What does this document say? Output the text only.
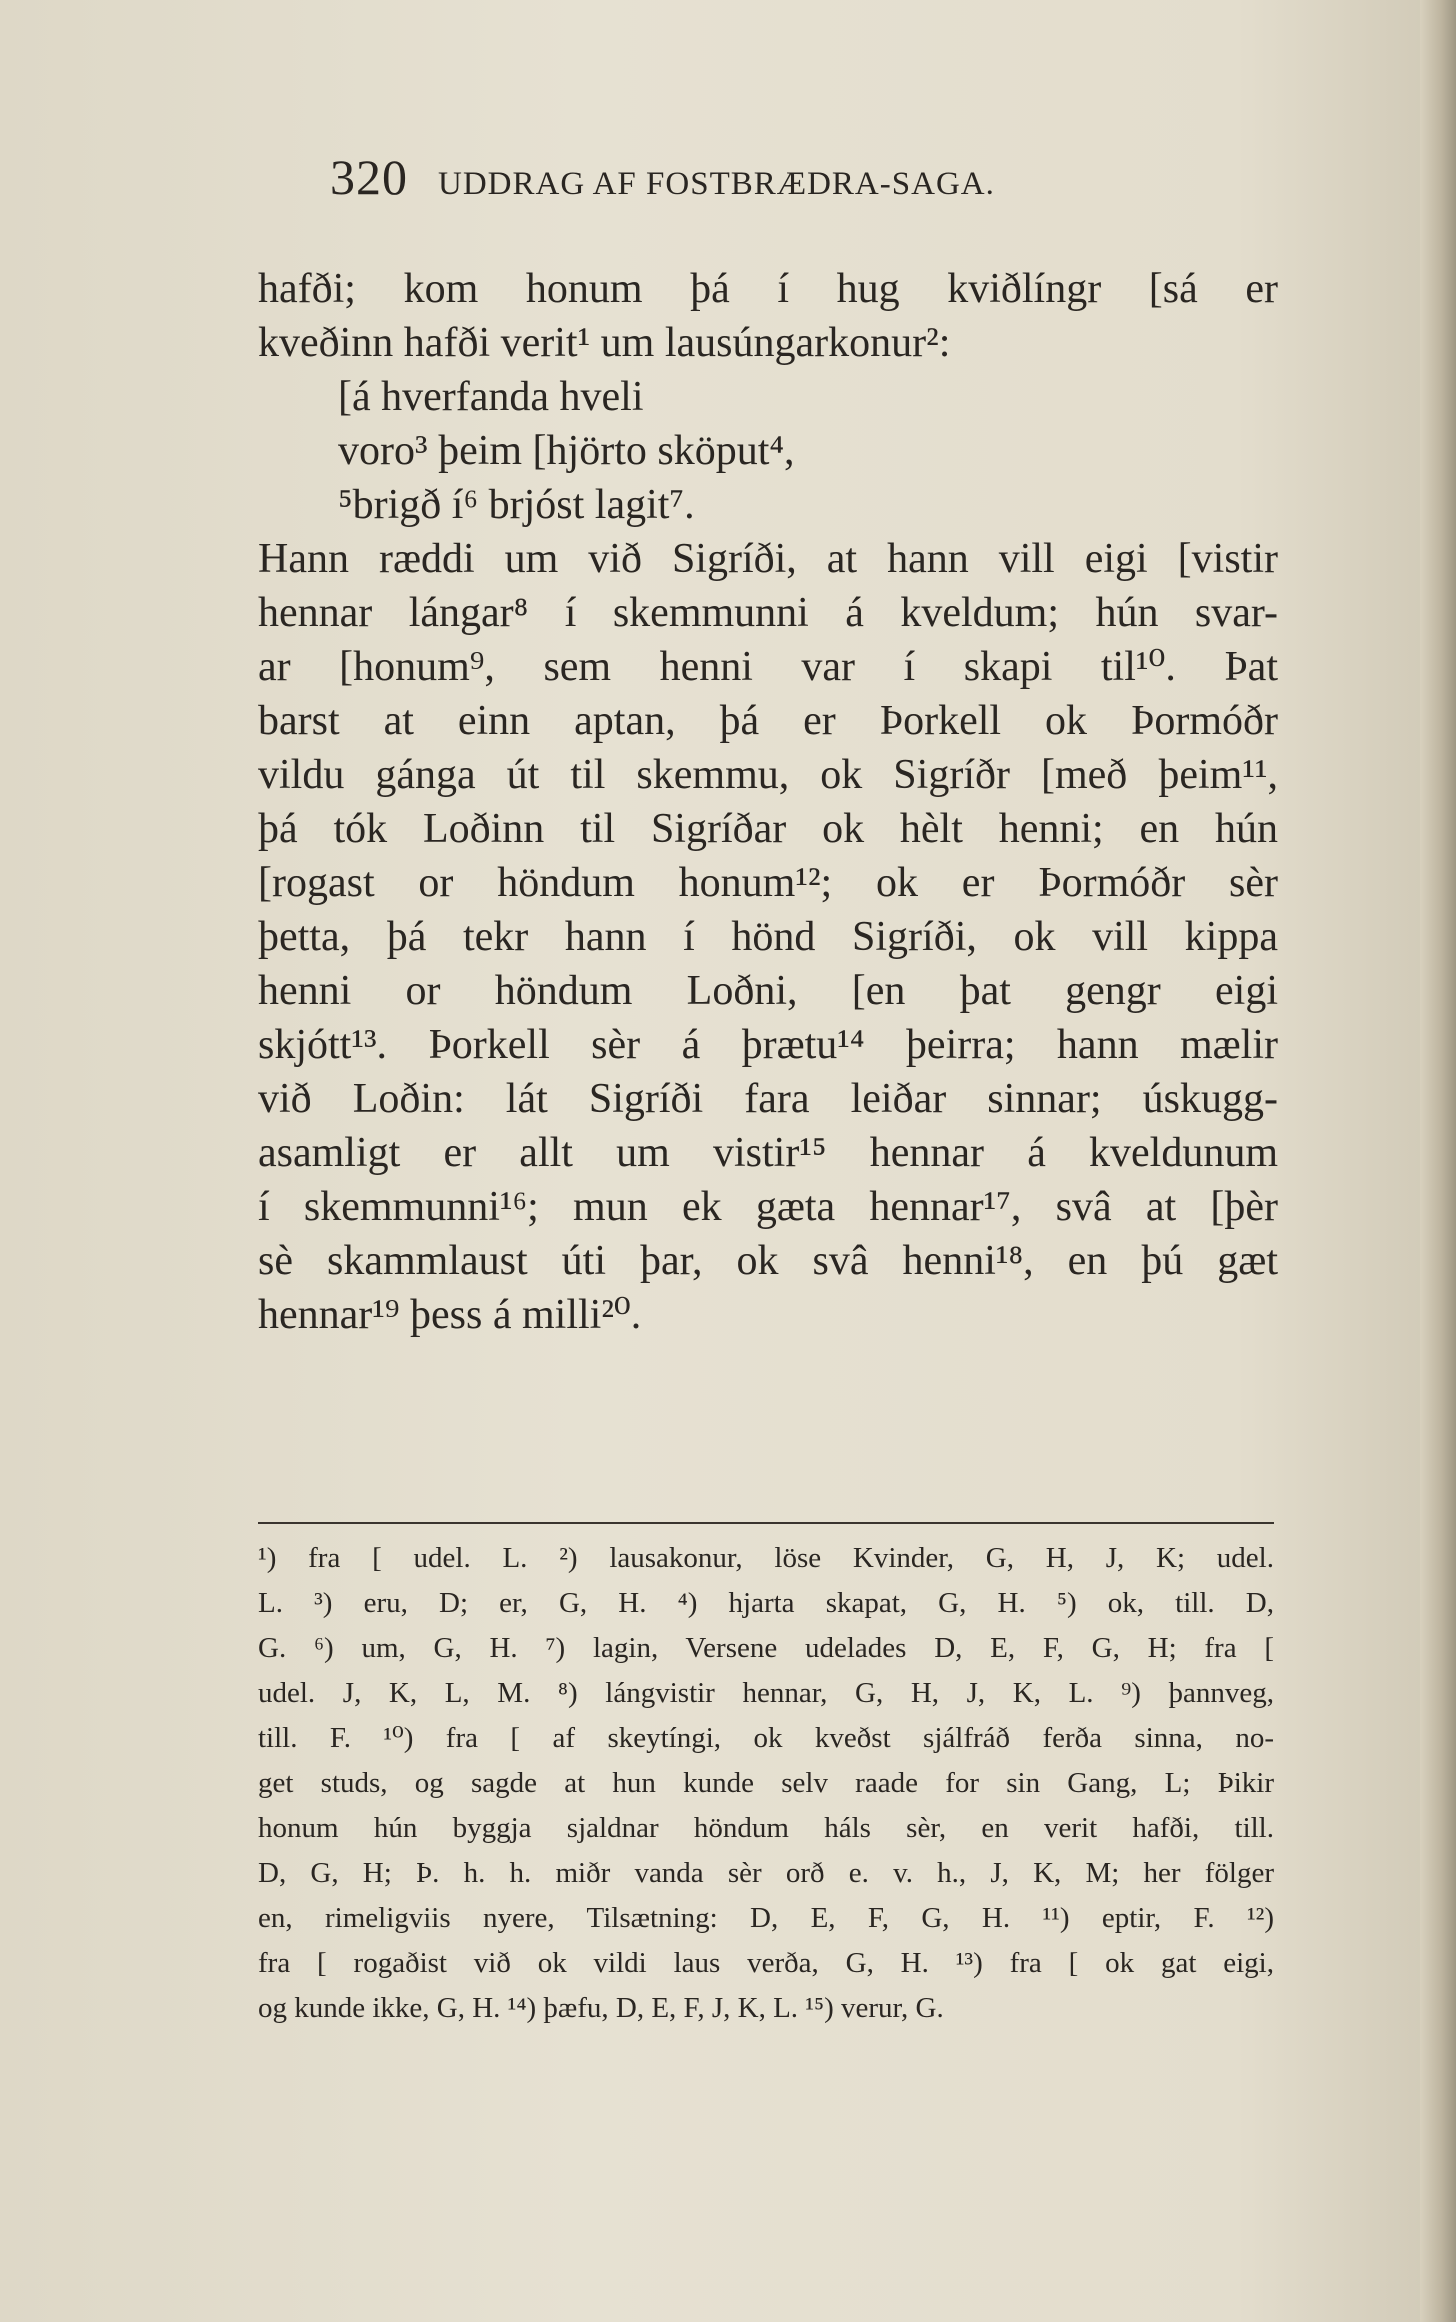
320 UDDRAG AF FOSTBRÆDRA-SAGA.
hafði; kom honum þá í hug kviðlíngr [sá er
kveðinn hafði verit¹ um lausúngarkonur²:
[á hverfanda hveli
voro³ þeim [hjörto sköput⁴,
⁵brigð í⁶ brjóst lagit⁷.
Hann ræddi um við Sigríði, at hann vill eigi [vistir
hennar lángar⁸ í skemmunni á kveldum; hún svar-
ar [honum⁹, sem henni var í skapi til¹⁰. Þat
barst at einn aptan, þá er Þorkell ok Þormóðr
vildu gánga út til skemmu, ok Sigríðr [með þeim¹¹,
þá tók Loðinn til Sigríðar ok hèlt henni; en hún
[rogast or höndum honum¹²; ok er Þormóðr sèr
þetta, þá tekr hann í hönd Sigríði, ok vill kippa
henni or höndum Loðni, [en þat gengr eigi
skjótt¹³. Þorkell sèr á þrætu¹⁴ þeirra; hann mælir
við Loðin: lát Sigríði fara leiðar sinnar; úskugg-
asamligt er allt um vistir¹⁵ hennar á kveldunum
í skemmunni¹⁶; mun ek gæta hennar¹⁷, svâ at [þèr
sè skammlaust úti þar, ok svâ henni¹⁸, en þú gæt
hennar¹⁹ þess á milli²⁰.
¹) fra [ udel. L. ²) lausakonur, löse Kvinder, G, H, J, K; udel.
L. ³) eru, D; er, G, H. ⁴) hjarta skapat, G, H. ⁵) ok, till. D,
G. ⁶) um, G, H. ⁷) lagin, Versene udelades D, E, F, G, H; fra [
udel. J, K, L, M. ⁸) lángvistir hennar, G, H, J, K, L. ⁹) þannveg,
till. F. ¹⁰) fra [ af skeytíngi, ok kveðst sjálfráð ferða sinna, no-
get studs, og sagde at hun kunde selv raade for sin Gang, L; Þikir
honum hún byggja sjaldnar höndum háls sèr, en verit hafði, till.
D, G, H; Þ. h. h. miðr vanda sèr orð e. v. h., J, K, M; her fölger
en, rimeligviis nyere, Tilsætning: D, E, F, G, H. ¹¹) eptir, F. ¹²)
fra [ rogaðist við ok vildi laus verða, G, H. ¹³) fra [ ok gat eigi,
og kunde ikke, G, H. ¹⁴) þæfu, D, E, F, J, K, L. ¹⁵) verur, G.
